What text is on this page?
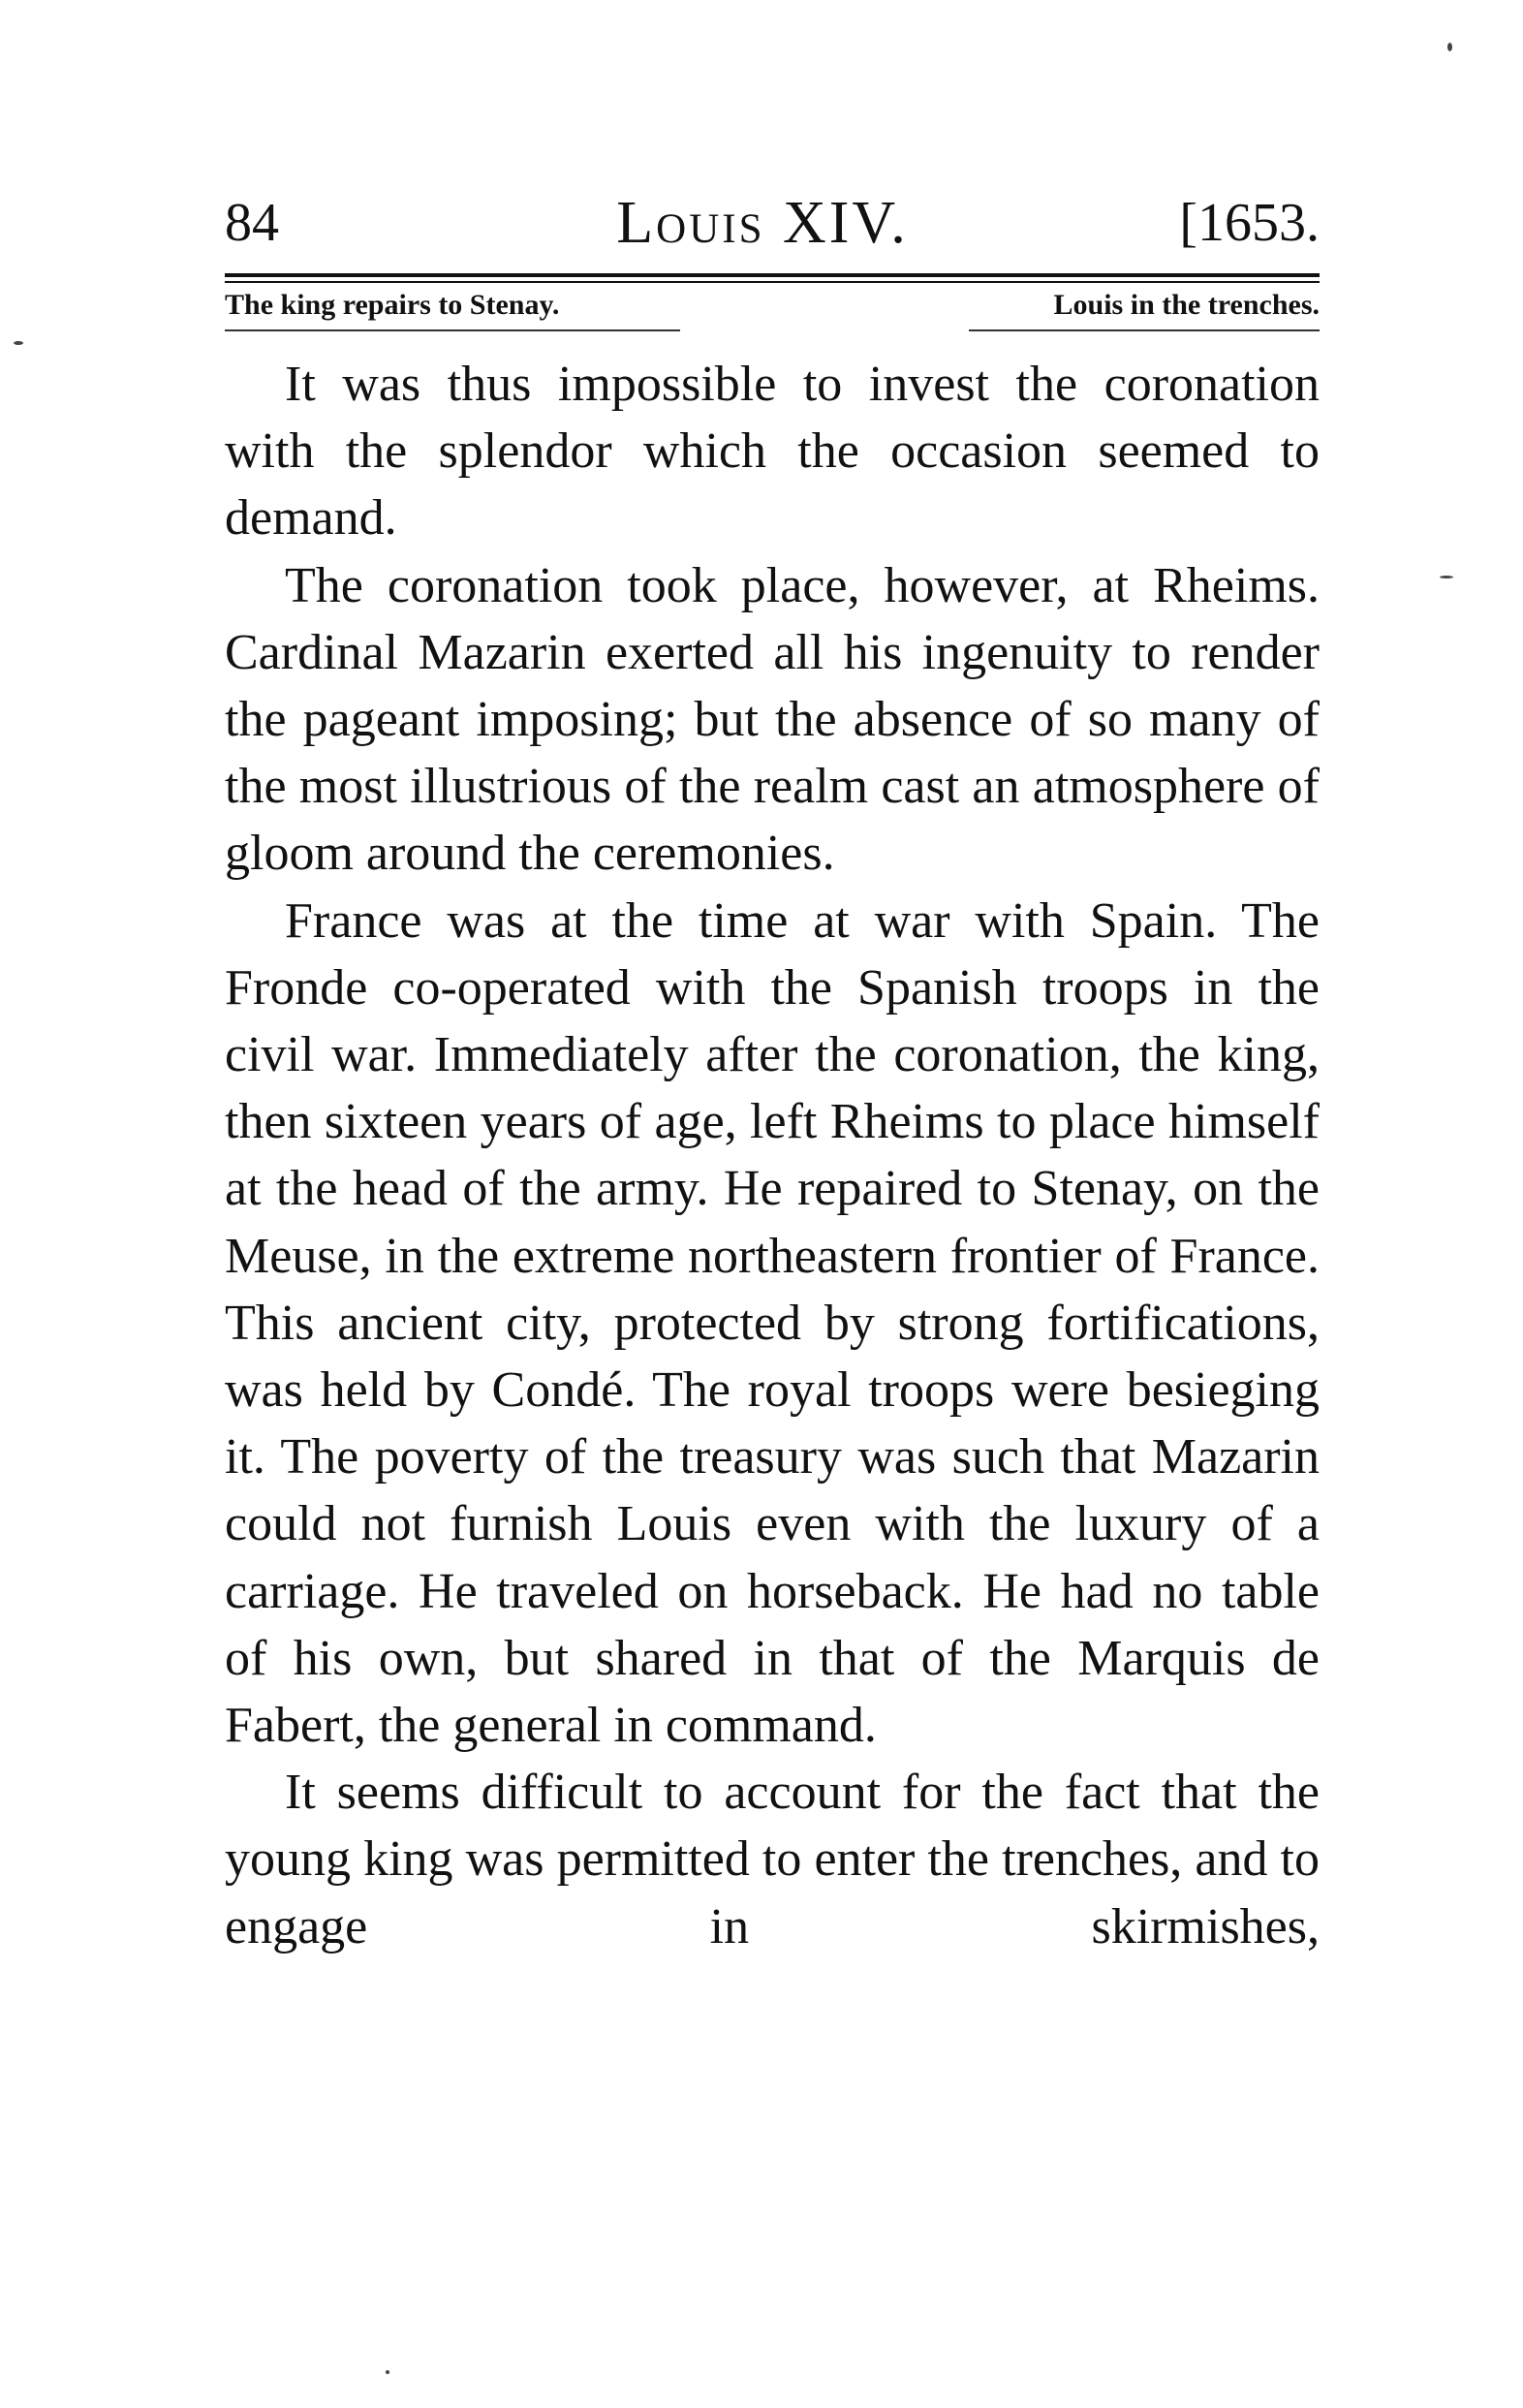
84	Louis XIV.	[1653.
The king repairs to Stenay.	Louis in the trenches.

It was thus impossible to invest the coronation with the splendor which the occasion seemed to demand.

The coronation took place, however, at Rheims. Cardinal Mazarin exerted all his ingenuity to render the pageant imposing; but the absence of so many of the most illustrious of the realm cast an atmosphere of gloom around the ceremonies.

France was at the time at war with Spain. The Fronde co-operated with the Spanish troops in the civil war. Immediately after the coronation, the king, then sixteen years of age, left Rheims to place himself at the head of the army. He repaired to Stenay, on the Meuse, in the extreme northeastern frontier of France. This ancient city, protected by strong fortifications, was held by Condé. The royal troops were besieging it. The poverty of the treasury was such that Mazarin could not furnish Louis even with the luxury of a carriage. He traveled on horseback. He had no table of his own, but shared in that of the Marquis de Fabert, the general in command.

It seems difficult to account for the fact that the young king was permitted to enter the trenches, and to engage in skirmishes,
